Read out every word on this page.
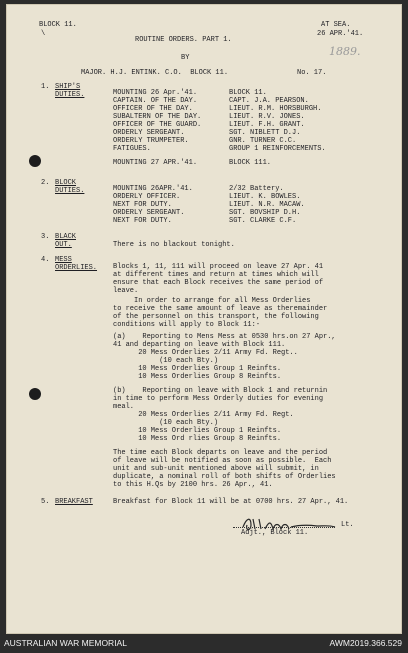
BLOCK 11.
\
AT SEA.
26 APR.'41.
ROUTINE ORDERS. PART 1.
BY	1889.
MAJOR. H.J. ENTINK. C.O.  BLOCK 11.	No. 17.
1. SHIP'S
DUTIES.	MOUNTING 26 Apr.'41.	BLOCK 11.
CAPTAIN. OF THE DAY.	CAPT. J.A. PEARSON.
OFFICER OF THE DAY.	LIEUT. R.M. HORSBURGH.
SUBALTERN OF THE DAY.	LIEUT. R.V. JONES.
OFFICER OF THE GUARD.	LIEUT. F.H. GRANT.
ORDERLY SERGEANT.	SGT. NIBLETT D.J.
ORDERLY TRUMPETER.	GNR. TURNER C.C.
FATIGUES.	GROUP 1 REINFORCEMENTS.
MOUNTING 27 APR.'41.	BLOCK 111.
2. BLOCK
DUTIES.	MOUNTING 26APR.'41.	2/32 Battery.
ORDERLY OFFICER.	LIEUT. K. BOWLES.
NEXT FOR DUTY.	LIEUT. N.R. MACAW.
ORDERLY SERGEANT.	SGT. BOVSHIP D.H.
NEXT FOR DUTY.	SGT. CLARKE C.F.
3. BLACK
OUT.	There is no blackout tonight.
4. MESS
ORDERLIES. Blocks 1, 11, 111 will proceed on leave 27 Apr. 41
at different times and return at times which will
ensure that each Block receives the same period of
leave.
In order to arrange for all Mess Orderlies
to receive the same amount of leave as theremainder
of the personnel on this transport, the following
conditions will apply to Block 11:-
(a)    Reporting to Mens Mess at 0530 hrs.on 27 Apr.,
41 and departing on leave with Block 111.
20 Mess Orderlies 2/11 Army Fd. Regt..
(10 each Bty.)
10 Mess Orderlies Group 1 Reinfts.
10 Mess Orderlies Group 8 Reinfts.
(b)    Reporting on leave with Block 1 and returnin
in time to perform Mess Orderly duties for evening
meal.
20 Mess Orderlies 2/11 Army Fd. Regt.
(10 each Bty.)
10 Mess Orderlies Group 1 Reinfts.
10 Mess Ord rlies Group 8 Reinfts.
The time each Block departs on leave and the period
of leave will be notified as soon as possible.  Each
unit and sub-unit mentioned above will submit, in
duplicate, a nominal roll of both shifts of Orderlies
to this H.Qs by 2100 hrs. 26 Apr., 41.
5. BREAKFAST	Breakfast for Block 11 will be at 0700 hrs. 27 Apr., 41.
Lt.
Adjt., Block 11.
AUSTRALIAN WAR MEMORIAL	AWM2019.366.529
